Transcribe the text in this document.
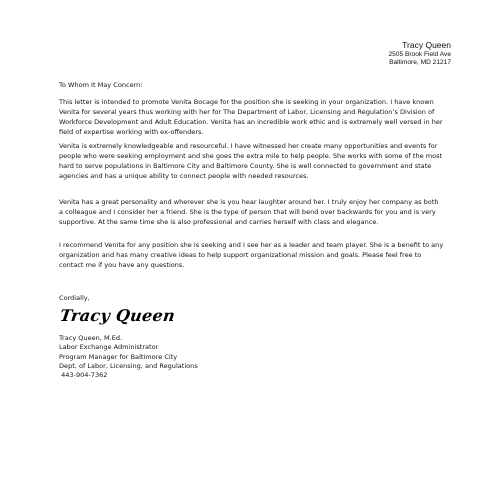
Tracy Queen
2505 Brook Field Ave
Baltimore, MD 21217
To Whom It May Concern:
This letter is intended to promote Venita Bocage for the position she is seeking in your organization. I have known Venita for several years thus working with her for The Department of Labor, Licensing and Regulation’s Division of Workforce Development and Adult Education. Venita has an incredible work ethic and is extremely well versed in her field of expertise working with ex-offenders.
Venita is extremely knowledgeable and resourceful. I have witnessed her create many opportunities and events for people who were seeking employment and she goes the extra mile to help people. She works with some of the most hard to serve populations in Baltimore City and Baltimore County. She is well connected to government and state agencies and has a unique ability to connect people with needed resources.
Venita has a great personality and wherever she is you hear laughter around her. I truly enjoy her company as both a colleague and I consider her a friend. She is the type of person that will bend over backwards for you and is very supportive. At the same time she is also professional and carries herself with class and elegance.
I recommend Venita for any position she is seeking and I see her as a leader and team player. She is a benefit to any organization and has many creative ideas to help support organizational mission and goals. Please feel free to contact me if you have any questions.
Cordially,
Tracy Queen
Tracy Queen, M.Ed.
Labor Exchange Administrator
Program Manager for Baltimore City
Dept. of Labor, Licensing, and Regulations
443-904-7362
